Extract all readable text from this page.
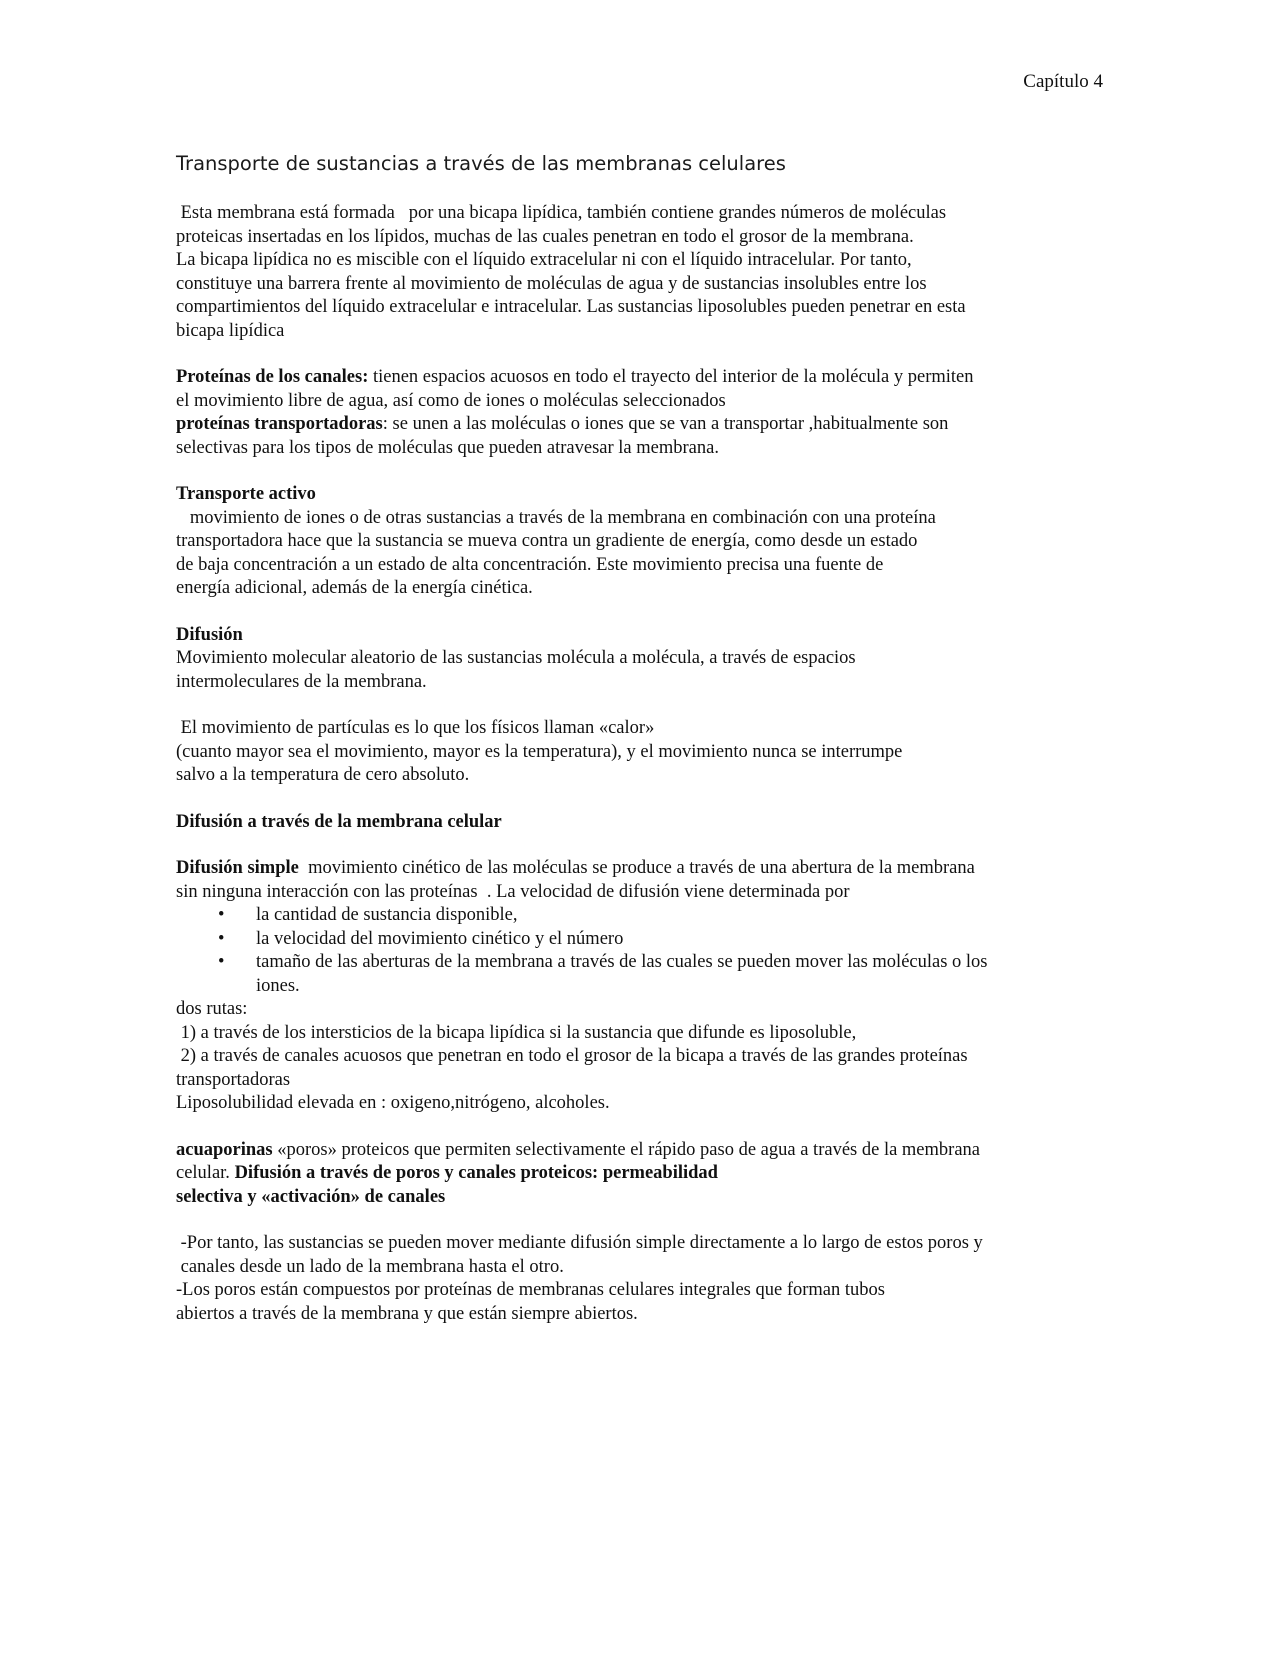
Capítulo 4
Transporte de sustancias a través de las membranas celulares
Esta membrana está formada   por una bicapa lipídica, también contiene grandes números de moléculas
proteicas insertadas en los lípidos, muchas de las cuales penetran en todo el grosor de la membrana.
La bicapa lipídica no es miscible con el líquido extracelular ni con el líquido intracelular. Por tanto,
constituye una barrera frente al movimiento de moléculas de agua y de sustancias insolubles entre los
compartimientos del líquido extracelular e intracelular. Las sustancias liposolubles pueden penetrar en esta
bicapa lipídica
Proteínas de los canales: tienen espacios acuosos en todo el trayecto del interior de la molécula y permiten
el movimiento libre de agua, así como de iones o moléculas seleccionados
proteínas transportadoras: se unen a las moléculas o iones que se van a transportar ,habitualmente son
selectivas para los tipos de moléculas que pueden atravesar la membrana.
Transporte activo
movimiento de iones o de otras sustancias a través de la membrana en combinación con una proteína
transportadora hace que la sustancia se mueva contra un gradiente de energía, como desde un estado
de baja concentración a un estado de alta concentración. Este movimiento precisa una fuente de
energía adicional, además de la energía cinética.
Difusión
Movimiento molecular aleatorio de las sustancias molécula a molécula, a través de espacios
intermoleculares de la membrana.
El movimiento de partículas es lo que los físicos llaman «calor»
(cuanto mayor sea el movimiento, mayor es la temperatura), y el movimiento nunca se interrumpe
salvo a la temperatura de cero absoluto.
Difusión a través de la membrana celular
Difusión simple  movimiento cinético de las moléculas se produce a través de una abertura de la membrana
sin ninguna interacción con las proteínas  . La velocidad de difusión viene determinada por
• la cantidad de sustancia disponible,
• la velocidad del movimiento cinético y el número
• tamaño de las aberturas de la membrana a través de las cuales se pueden mover las moléculas o los
iones.
dos rutas:
1) a través de los intersticios de la bicapa lipídica si la sustancia que difunde es liposoluble,
2) a través de canales acuosos que penetran en todo el grosor de la bicapa a través de las grandes proteínas
transportadoras
Liposolubilidad elevada en : oxigeno,nitrógeno, alcoholes.
acuaporinas «poros» proteicos que permiten selectivamente el rápido paso de agua a través de la membrana
celular. Difusión a través de poros y canales proteicos: permeabilidad
selectiva y «activación» de canales
-Por tanto, las sustancias se pueden mover mediante difusión simple directamente a lo largo de estos poros y
canales desde un lado de la membrana hasta el otro.
-Los poros están compuestos por proteínas de membranas celulares integrales que forman tubos
abiertos a través de la membrana y que están siempre abiertos.
